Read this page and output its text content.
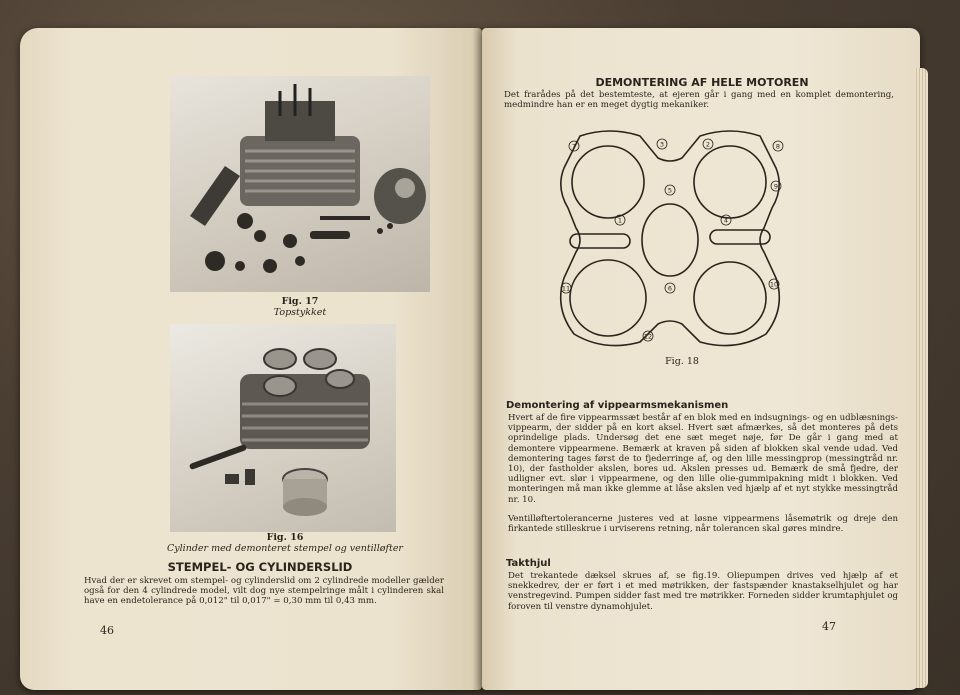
Fig. 17
Topstykket
Fig. 16
Cylinder med demonteret stempel og ventilløfter
STEMPEL- OG CYLINDERSLID
Hvad der er skrevet om stempel- og cylinderslid om 2 cylindrede modeller gælder også for den 4 cylindrede model, vilt dog nye stempelringe målt i cylinderen skal have en endetolerance på 0,012" til 0,017" = 0,30 mm til 0,43 mm.
46
DEMONTERING AF HELE MOTOREN
Det frarådes på det bestemteste, at ejeren går i gang med en komplet demontering, medmindre han er en meget dygtig mekaniker.
7	3	2	8
5
1	4
9
6	10
11
12
Fig. 18
Demontering af vippearmsmekanismen
Hvert af de fire vippearmssæt består af en blok med en indsugnings- og en udblæsnings-vippearm, der sidder på en kort aksel. Hvert sæt afmærkes, så det monteres på dets oprindelige plads. Undersøg det ene sæt meget nøje, før De går i gang med at demontere vippearmene. Bemærk at kraven på siden af blokken skal vende udad. Ved demontering tages først de to fjederringe af, og den lille messingprop (messingtråd nr. 10), der fastholder akslen, bores ud. Akslen presses ud. Bemærk de små fjedre, der udligner evt. slør i vippearmene, og den lille olie-gummipakning midt i blokken. Ved monteringen må man ikke glemme at låse akslen ved hjælp af et nyt stykke messingtråd nr. 10.
Ventilløftertolerancerne justeres ved at løsne vippearmens låsemøtrik og dreje den firkantede stilleskrue i urviserens retning, når tolerancen skal gøres mindre.
Takthjul
Det trekantede dæksel skrues af, se fig.19. Oliepumpen drives ved hjælp af et snekkedrev, der er ført i et med møtrikken, der fastspænder knastakselhjulet og har venstregevind. Pumpen sidder fast med tre møtrikker. Forneden sidder krumtaphjulet og foroven til venstre dynamohjulet.
47
